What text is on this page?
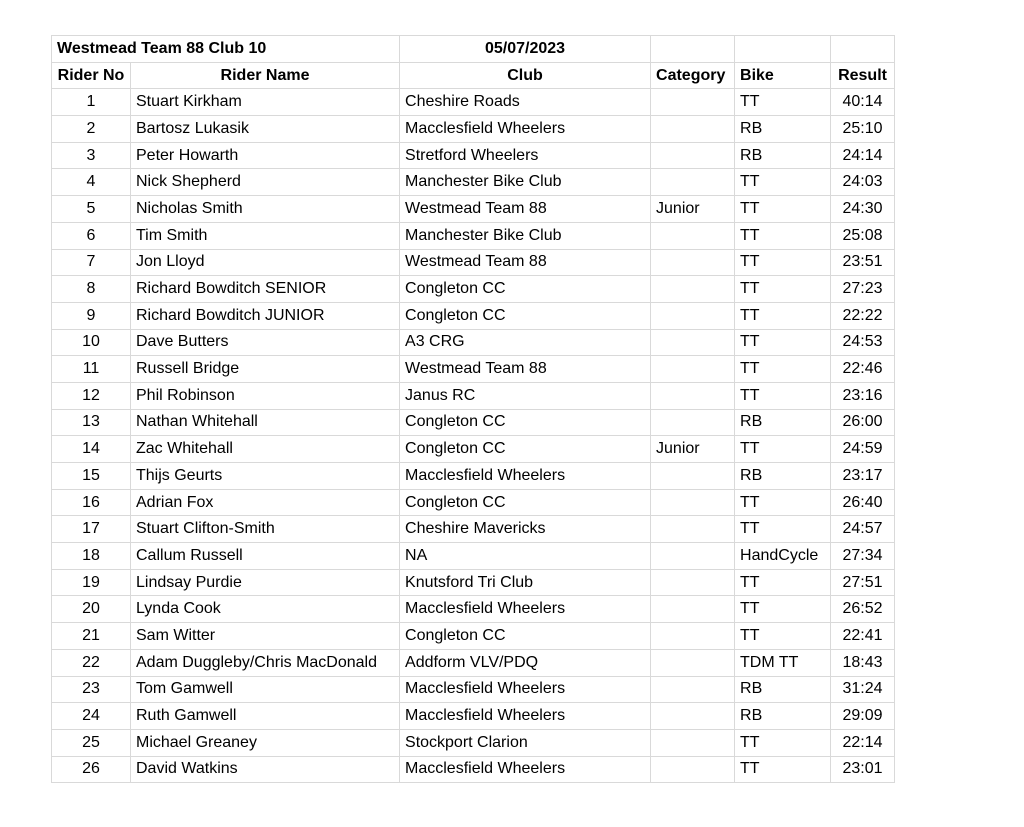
Westmead Team 88 Club 10		05/07/2023			
Rider No	Rider Name	Club	Category	Bike	Result
1	Stuart Kirkham	Cheshire Roads		TT	40:14
2	Bartosz Lukasik	Macclesfield Wheelers		RB	25:10
3	Peter Howarth	Stretford Wheelers		RB	24:14
4	Nick Shepherd	Manchester Bike Club		TT	24:03
5	Nicholas Smith	Westmead Team 88	Junior	TT	24:30
6	Tim Smith	Manchester Bike Club		TT	25:08
7	Jon Lloyd	Westmead Team 88		TT	23:51
8	Richard Bowditch SENIOR	Congleton CC		TT	27:23
9	Richard Bowditch JUNIOR	Congleton CC		TT	22:22
10	Dave Butters	A3 CRG		TT	24:53
11	Russell Bridge	Westmead Team 88		TT	22:46
12	Phil Robinson	Janus RC		TT	23:16
13	Nathan Whitehall	Congleton CC		RB	26:00
14	Zac Whitehall	Congleton CC	Junior	TT	24:59
15	Thijs Geurts	Macclesfield Wheelers		RB	23:17
16	Adrian Fox	Congleton CC		TT	26:40
17	Stuart Clifton-Smith	Cheshire Mavericks		TT	24:57
18	Callum Russell	NA		HandCycle	27:34
19	Lindsay Purdie	Knutsford Tri Club		TT	27:51
20	Lynda Cook	Macclesfield Wheelers		TT	26:52
21	Sam Witter	Congleton CC		TT	22:41
22	Adam Duggleby/Chris MacDonald	Addform VLV/PDQ		TDM TT	18:43
23	Tom Gamwell	Macclesfield Wheelers		RB	31:24
24	Ruth Gamwell	Macclesfield Wheelers		RB	29:09
25	Michael Greaney	Stockport Clarion		TT	22:14
26	David Watkins	Macclesfield Wheelers		TT	23:01
